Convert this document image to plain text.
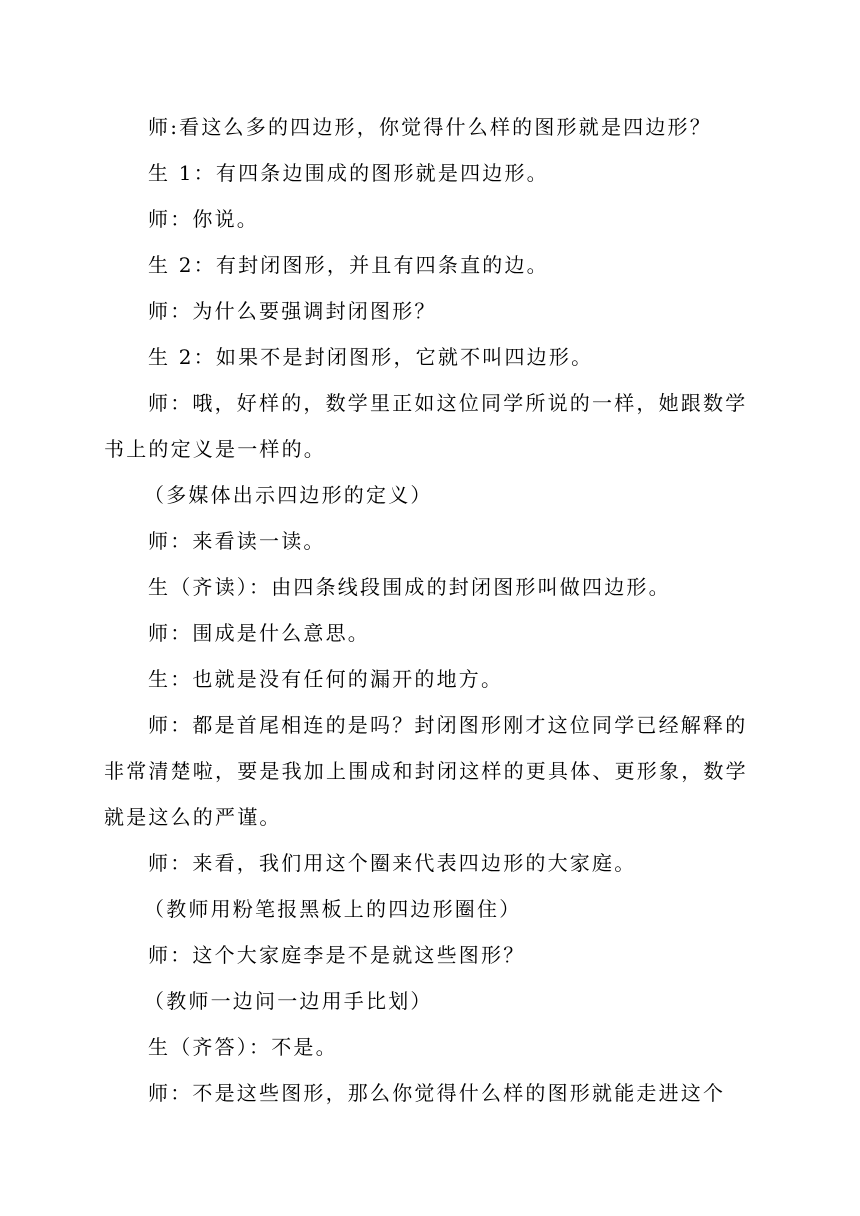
师:看这么多的四边形，你觉得什么样的图形就是四边形？

生 1：有四条边围成的图形就是四边形。

师：你说。

生 2：有封闭图形，并且有四条直的边。

师：为什么要强调封闭图形？

生 2：如果不是封闭图形，它就不叫四边形。

师：哦，好样的，数学里正如这位同学所说的一样，她跟数学书上的定义是一样的。

（多媒体出示四边形的定义）

师：来看读一读。

生（齐读）：由四条线段围成的封闭图形叫做四边形。

师：围成是什么意思。

生：也就是没有任何的漏开的地方。

师：都是首尾相连的是吗？封闭图形刚才这位同学已经解释的非常清楚啦，要是我加上围成和封闭这样的更具体、更形象，数学就是这么的严谨。

师：来看，我们用这个圈来代表四边形的大家庭。

（教师用粉笔报黑板上的四边形圈住）

师：这个大家庭李是不是就这些图形？

（教师一边问一边用手比划）

生（齐答）：不是。

师：不是这些图形，那么你觉得什么样的图形就能走进这个
